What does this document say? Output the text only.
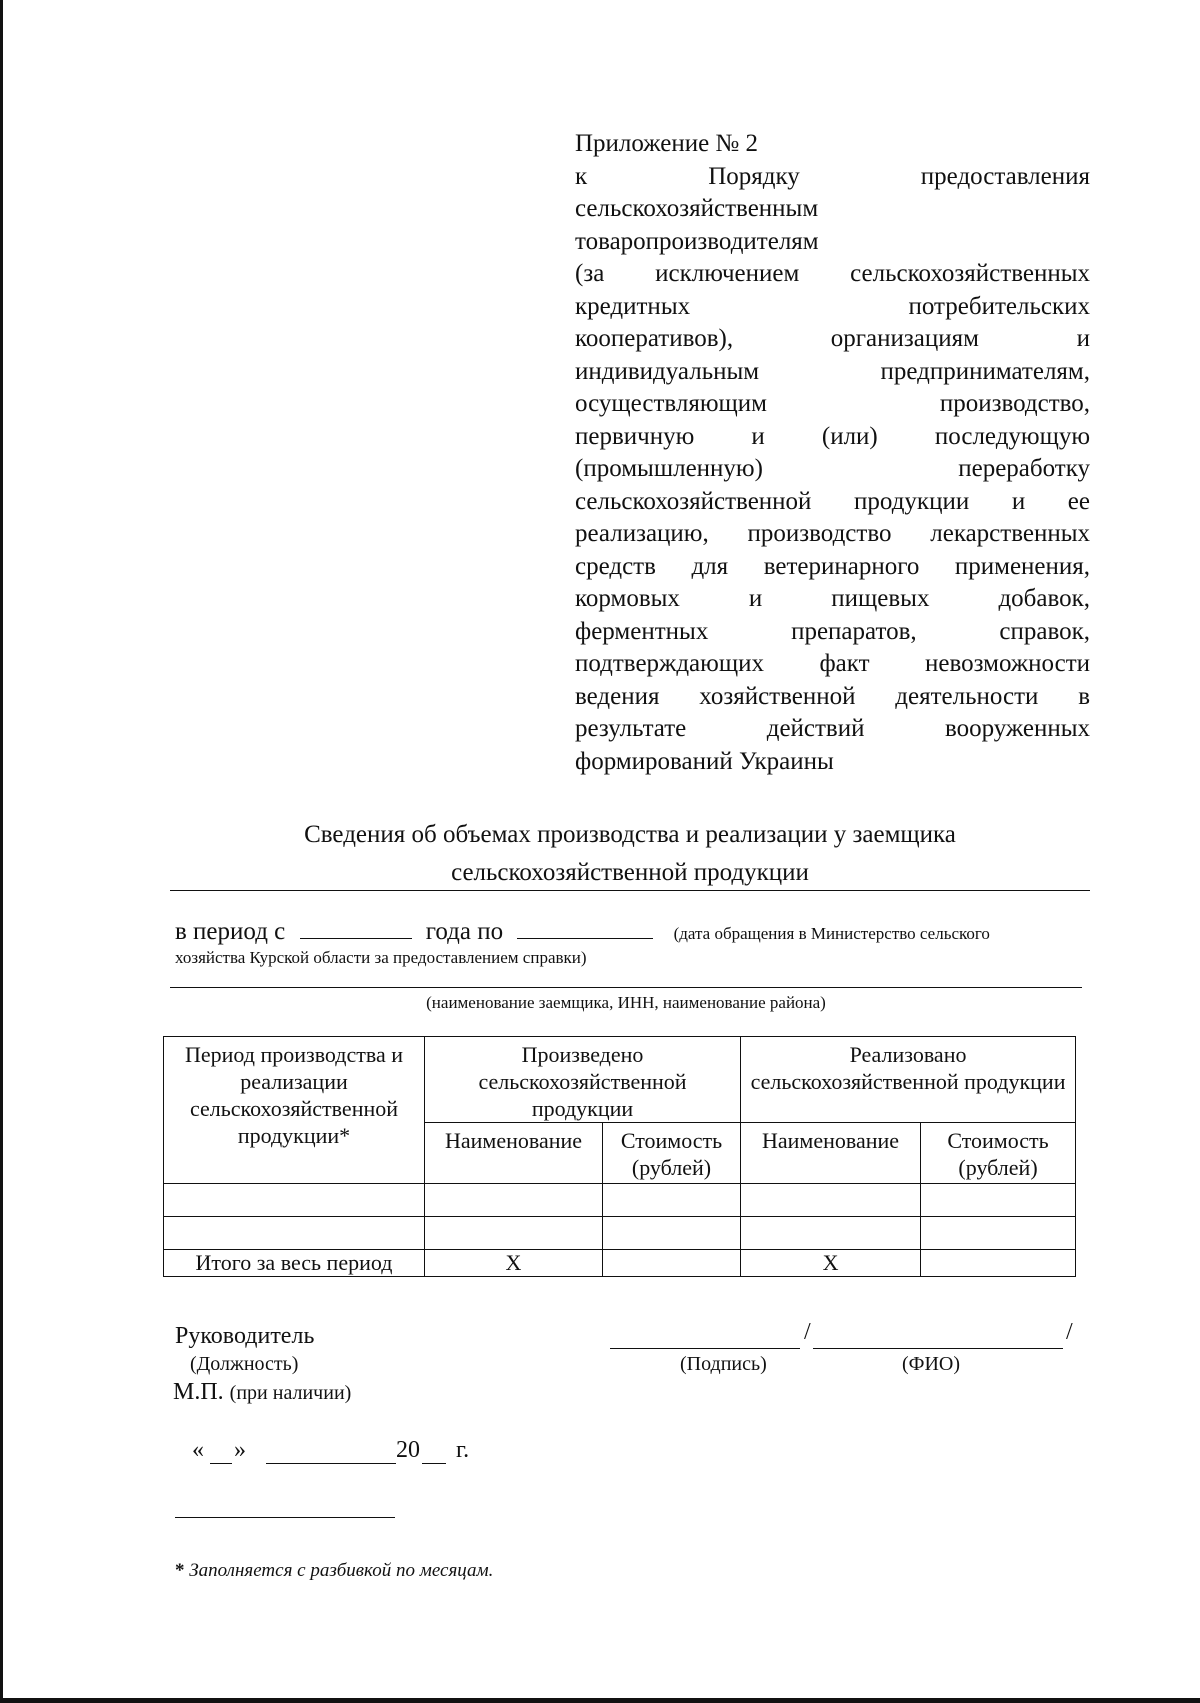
Приложение № 2
к	Порядку	предоставления
сельскохозяйственным
товаропроизводителям
(за исключением сельскохозяйственных
кредитных	потребительских
кооперативов),	организациям	и
индивидуальным	предпринимателям,
осуществляющим	производство,
первичную и (или) последующую
(промышленную)	переработку
сельскохозяйственной продукции и ее
реализацию, производство лекарственных
средств для ветеринарного применения,
кормовых	и	пищевых	добавок,
ферментных	препаратов,	справок,
подтверждающих факт невозможности
ведения хозяйственной деятельности в
результате	действий	вооруженных
формирований Украины
Сведения об объемах производства и реализации у заемщика
сельскохозяйственной продукции
в период с	года по	(дата обращения в Министерство сельского
хозяйства Курской области за предоставлением справки)
(наименование заемщика, ИНН, наименование района)
Период производства и реализации сельскохозяйственной продукции*	Произведено сельскохозяйственной продукции		Реализовано сельскохозяйственной продукции	
	Наименование	Стоимость (рублей)	Наименование	Стоимость (рублей)

Итого за весь период	Х		Х	
Руководитель
(Должность)
М.П. (при наличии)
/	/
(Подпись)	(ФИО)
« »	20 г.
* Заполняется с разбивкой по месяцам.
